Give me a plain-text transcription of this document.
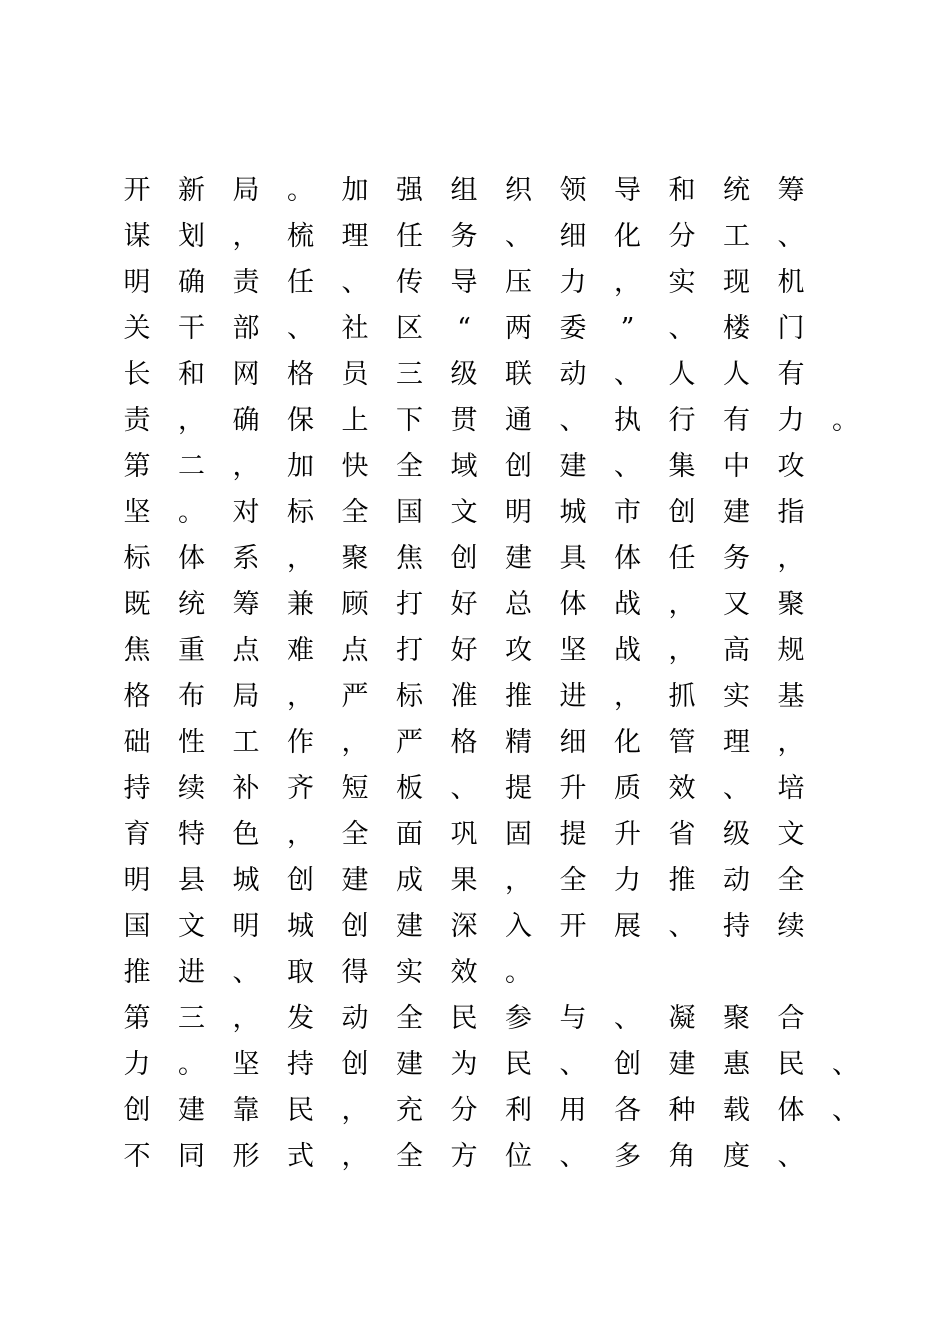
开 新 局 。 加 强 组 织 领 导 和 统 筹
谋 划 ， 梳 理 任 务 、 细 化 分 工 、
明 确 责 任 、 传 导 压 力 ， 实 现 机
关 干 部 、 社 区 “ 两 委 ” 、 楼 门
长 和 网 格 员 三 级 联 动 、 人 人 有
责 ， 确 保 上 下 贯 通 、 执 行 有 力 。
第 二 ， 加 快 全 域 创 建 、 集 中 攻
坚 。 对 标 全 国 文 明 城 市 创 建 指
标 体 系 ， 聚 焦 创 建 具 体 任 务 ，
既 统 筹 兼 顾 打 好 总 体 战 ， 又 聚
焦 重 点 难 点 打 好 攻 坚 战 ， 高 规
格 布 局 ， 严 标 准 推 进 ， 抓 实 基
础 性 工 作 ， 严 格 精 细 化 管 理 ，
持 续 补 齐 短 板 、 提 升 质 效 、 培
育 特 色 ， 全 面 巩 固 提 升 省 级 文
明 县 城 创 建 成 果 ， 全 力 推 动 全
国 文 明 城 创 建 深 入 开 展 、 持 续
推 进 、 取 得 实 效 。
第 三 ， 发 动 全 民 参 与 、 凝 聚 合
力 。 坚 持 创 建 为 民 、 创 建 惠 民 、
创 建 靠 民 ， 充 分 利 用 各 种 载 体 、
不 同 形 式 ， 全 方 位 、 多 角 度 、
